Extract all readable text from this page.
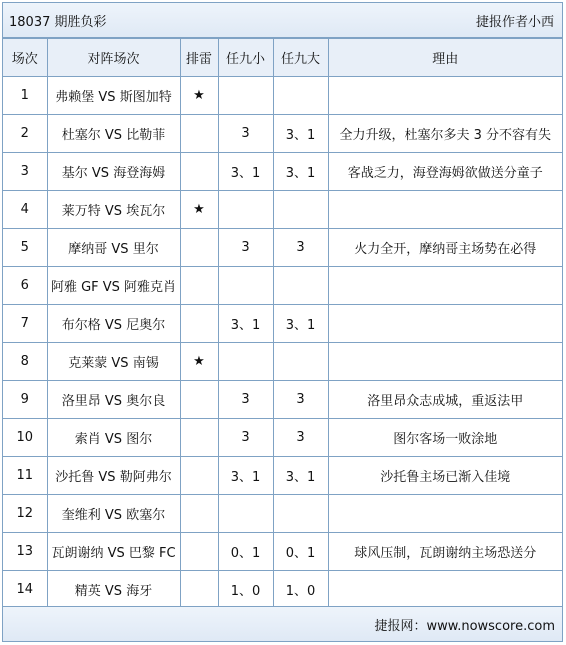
18037 期胜负彩	捷报作者小西
场次	对阵场次	排雷	任九小	任九大	理由
1	弗赖堡 VS 斯图加特	★			
2	杜塞尔 VS 比勒菲		3	3、1	全力升级，杜塞尔多夫 3 分不容有失
3	基尔 VS 海登海姆		3、1	3、1	客战乏力，海登海姆欲做送分童子
4	莱万特 VS 埃瓦尔	★			
5	摩纳哥 VS 里尔		3	3	火力全开，摩纳哥主场势在必得
6	阿雅 GF VS 阿雅克肖				
7	布尔格 VS 尼奥尔		3、1	3、1	
8	克莱蒙 VS 南锡	★			
9	洛里昂 VS 奥尔良		3	3	洛里昂众志成城，重返法甲
10	索肖 VS 图尔		3	3	图尔客场一败涂地
11	沙托鲁 VS 勒阿弗尔		3、1	3、1	沙托鲁主场已渐入佳境
12	奎维利 VS 欧塞尔				
13	瓦朗谢纳 VS 巴黎 FC		0、1	0、1	球风压制，瓦朗谢纳主场恐送分
14	精英 VS 海牙		1、0	1、0	
捷报网：www.nowscore.com
